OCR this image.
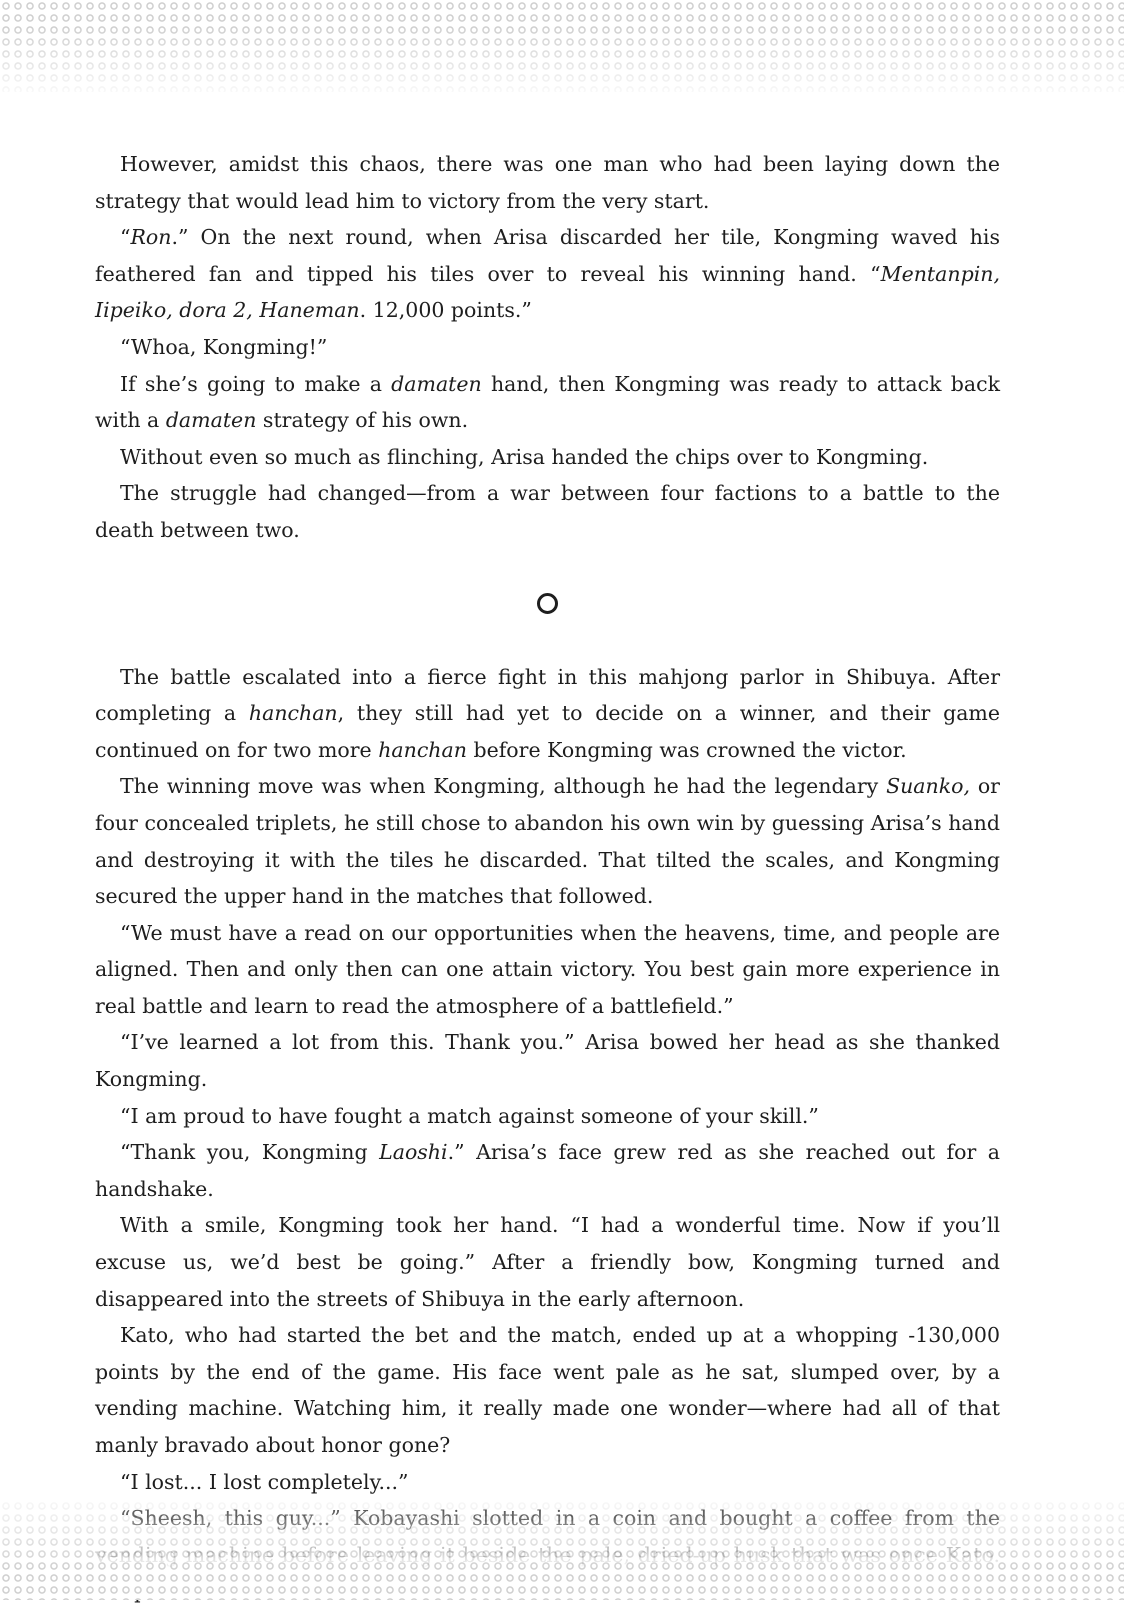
However, amidst this chaos, there was one man who had been laying down the strategy that would lead him to victory from the very start.

“Ron.” On the next round, when Arisa discarded her tile, Kongming waved his feathered fan and tipped his tiles over to reveal his winning hand. “Mentanpin, Iipeiko, dora 2, Haneman. 12,000 points.”

“Whoa, Kongming!”

If she’s going to make a damaten hand, then Kongming was ready to attack back with a damaten strategy of his own.

Without even so much as flinching, Arisa handed the chips over to Kongming.

The struggle had changed—from a war between four factions to a battle to the death between two.

The battle escalated into a fierce fight in this mahjong parlor in Shibuya. After completing a hanchan, they still had yet to decide on a winner, and their game continued on for two more hanchan before Kongming was crowned the victor.

The winning move was when Kongming, although he had the legendary Suanko, or four concealed triplets, he still chose to abandon his own win by guessing Arisa’s hand and destroying it with the tiles he discarded. That tilted the scales, and Kongming secured the upper hand in the matches that followed.

“We must have a read on our opportunities when the heavens, time, and people are aligned. Then and only then can one attain victory. You best gain more experience in real battle and learn to read the atmosphere of a battlefield.”

“I’ve learned a lot from this. Thank you.” Arisa bowed her head as she thanked Kongming.

“I am proud to have fought a match against someone of your skill.”

“Thank you, Kongming Laoshi.” Arisa’s face grew red as she reached out for a handshake.

With a smile, Kongming took her hand. “I had a wonderful time. Now if you’ll excuse us, we’d best be going.” After a friendly bow, Kongming turned and disappeared into the streets of Shibuya in the early afternoon.

Kato, who had started the bet and the match, ended up at a whopping -130,000 points by the end of the game. His face went pale as he sat, slumped over, by a vending machine. Watching him, it really made one wonder—where had all of that manly bravado about honor gone?

“I lost... I lost completely...”
